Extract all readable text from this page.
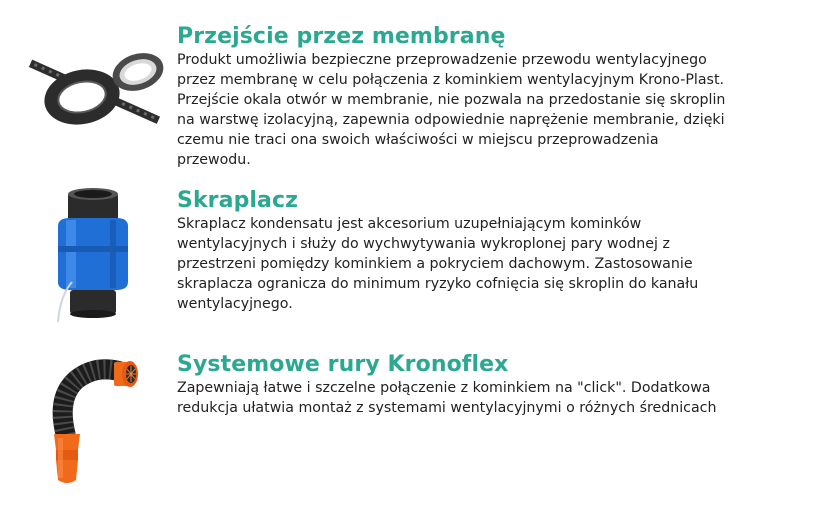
Przejście przez membranę
Produkt umożliwia bezpieczne przeprowadzenie przewodu wentylacyjnego
przez membranę w celu połączenia z kominkiem wentylacyjnym Krono-Plast.
Przejście okala otwór w membranie, nie pozwala na przedostanie się skroplin
na warstwę izolacyjną, zapewnia odpowiednie naprężenie membranie, dzięki
czemu nie traci ona swoich właściwości w miejscu przeprowadzenia
przewodu.
Skraplacz
Skraplacz kondensatu jest akcesorium uzupełniającym kominków
wentylacyjnych i służy do wychwytywania wykroplonej pary wodnej z
przestrzeni pomiędzy kominkiem a pokryciem dachowym. Zastosowanie
skraplacza ogranicza do minimum ryzyko cofnięcia się skroplin do kanału
wentylacyjnego.
Systemowe rury Kronoflex
Zapewniają łatwe i szczelne połączenie z kominkiem na "click". Dodatkowa
redukcja ułatwia montaż z systemami wentylacyjnymi o różnych średnicach
